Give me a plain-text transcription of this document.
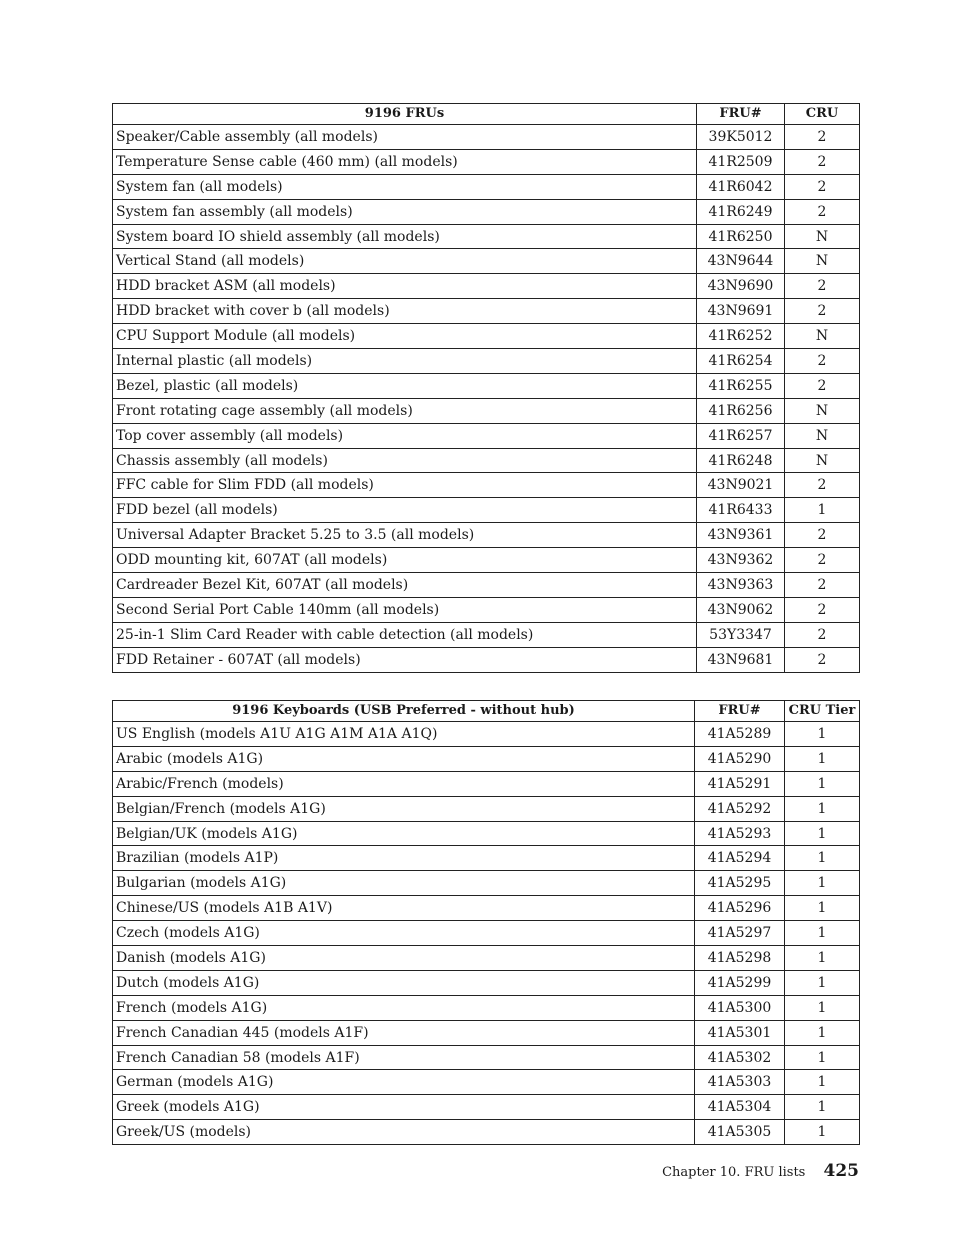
9196 FRUs	FRU#	CRU
Speaker/Cable assembly (all models)	39K5012	2
Temperature Sense cable (460 mm) (all models)	41R2509	2
System fan (all models)	41R6042	2
System fan assembly (all models)	41R6249	2
System board IO shield assembly (all models)	41R6250	N
Vertical Stand (all models)	43N9644	N
HDD bracket ASM (all models)	43N9690	2
HDD bracket with cover b (all models)	43N9691	2
CPU Support Module (all models)	41R6252	N
Internal plastic (all models)	41R6254	2
Bezel, plastic (all models)	41R6255	2
Front rotating cage assembly (all models)	41R6256	N
Top cover assembly (all models)	41R6257	N
Chassis assembly (all models)	41R6248	N
FFC cable for Slim FDD (all models)	43N9021	2
FDD bezel (all models)	41R6433	1
Universal Adapter Bracket 5.25 to 3.5 (all models)	43N9361	2
ODD mounting kit, 607AT (all models)	43N9362	2
Cardreader Bezel Kit, 607AT (all models)	43N9363	2
Second Serial Port Cable 140mm (all models)	43N9062	2
25-in-1 Slim Card Reader with cable detection (all models)	53Y3347	2
FDD Retainer - 607AT (all models)	43N9681	2
9196 Keyboards (USB Preferred - without hub)	FRU#	CRU Tier
US English (models A1U A1G A1M A1A A1Q)	41A5289	1
Arabic (models A1G)	41A5290	1
Arabic/French (models)	41A5291	1
Belgian/French (models A1G)	41A5292	1
Belgian/UK (models A1G)	41A5293	1
Brazilian (models A1P)	41A5294	1
Bulgarian (models A1G)	41A5295	1
Chinese/US (models A1B A1V)	41A5296	1
Czech (models A1G)	41A5297	1
Danish (models A1G)	41A5298	1
Dutch (models A1G)	41A5299	1
French (models A1G)	41A5300	1
French Canadian 445 (models A1F)	41A5301	1
French Canadian 58 (models A1F)	41A5302	1
German (models A1G)	41A5303	1
Greek (models A1G)	41A5304	1
Greek/US (models)	41A5305	1
Chapter 10. FRU lists 425
